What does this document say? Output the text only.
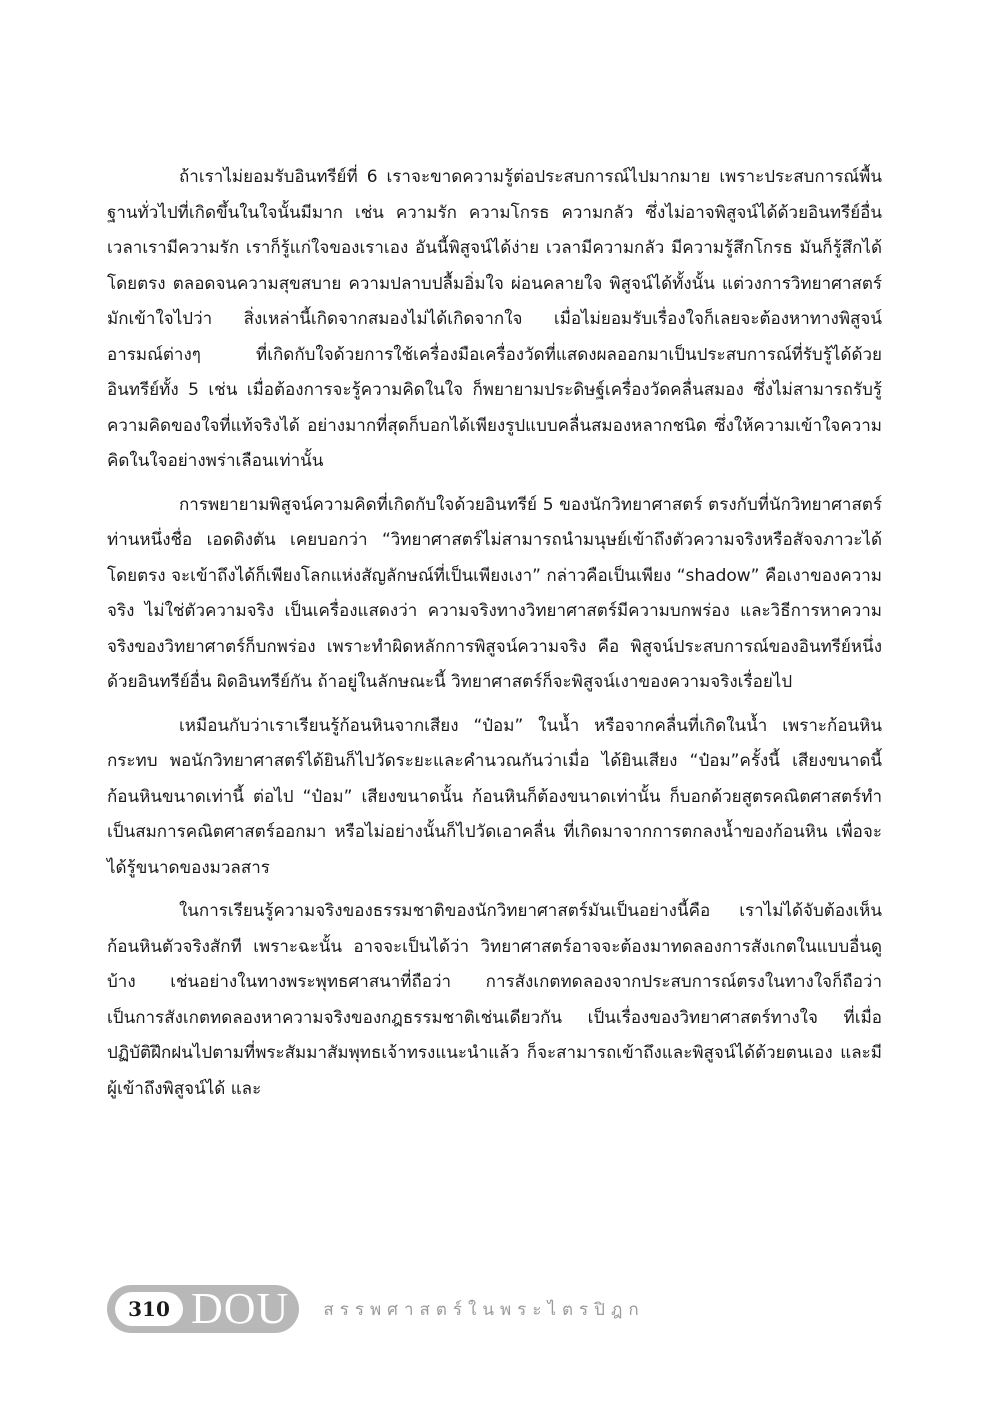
ถ้าเราไม่ยอมรับอินทรีย์ที่ 6 เราจะขาดความรู้ต่อประสบการณ์ไปมากมาย เพราะประสบการณ์พื้นฐานทั่วไปที่เกิดขึ้นในใจนั้นมีมาก เช่น ความรัก ความโกรธ ความกลัว ซึ่งไม่อาจพิสูจน์ได้ด้วยอินทรีย์อื่น เวลาเรามีความรัก เราก็รู้แก่ใจของเราเอง อันนี้พิสูจน์ได้ง่าย เวลามีความกลัว มีความรู้สึกโกรธ มันก็รู้สึกได้โดยตรง ตลอดจนความสุขสบาย ความปลาบปลื้มอิ่มใจ ผ่อนคลายใจ พิสูจน์ได้ทั้งนั้น แต่วงการวิทยาศาสตร์มักเข้าใจไปว่า สิ่งเหล่านี้เกิดจากสมองไม่ได้เกิดจากใจ เมื่อไม่ยอมรับเรื่องใจก็เลยจะต้องหาทางพิสูจน์อารมณ์ต่างๆ ที่เกิดกับใจด้วยการใช้เครื่องมือเครื่องวัดที่แสดงผลออกมาเป็นประสบการณ์ที่รับรู้ได้ด้วยอินทรีย์ทั้ง 5 เช่น เมื่อต้องการจะรู้ความคิดในใจ ก็พยายามประดิษฐ์เครื่องวัดคลื่นสมอง ซึ่งไม่สามารถรับรู้ความคิดของใจที่แท้จริงได้ อย่างมากที่สุดก็บอกได้เพียงรูปแบบคลื่นสมองหลากชนิด ซึ่งให้ความเข้าใจความคิดในใจอย่างพร่าเลือนเท่านั้น

การพยายามพิสูจน์ความคิดที่เกิดกับใจด้วยอินทรีย์ 5 ของนักวิทยาศาสตร์ ตรงกับที่นักวิทยาศาสตร์ท่านหนึ่งชื่อ เอดดิงตัน เคยบอกว่า “วิทยาศาสตร์ไม่สามารถนำมนุษย์เข้าถึงตัวความจริงหรือสัจจภาวะได้โดยตรง จะเข้าถึงได้ก็เพียงโลกแห่งสัญลักษณ์ที่เป็นเพียงเงา” กล่าวคือเป็นเพียง “shadow” คือเงาของความจริง ไม่ใช่ตัวความจริง เป็นเครื่องแสดงว่า ความจริงทางวิทยาศาสตร์มีความบกพร่อง และวิธีการหาความจริงของวิทยาศาตร์ก็บกพร่อง เพราะทำผิดหลักการพิสูจน์ความจริง คือ พิสูจน์ประสบการณ์ของอินทรีย์หนึ่งด้วยอินทรีย์อื่น ผิดอินทรีย์กัน ถ้าอยู่ในลักษณะนี้ วิทยาศาสตร์ก็จะพิสูจน์เงาของความจริงเรื่อยไป

เหมือนกับว่าเราเรียนรู้ก้อนหินจากเสียง “ป๋อม” ในน้ำ หรือจากคลื่นที่เกิดในน้ำ เพราะก้อนหินกระทบ พอนักวิทยาศาสตร์ได้ยินก็ไปวัดระยะและคำนวณกันว่าเมื่อ ได้ยินเสียง “ป๋อม”ครั้งนี้ เสียงขนาดนี้ ก้อนหินขนาดเท่านี้ ต่อไป “ป๋อม” เสียงขนาดนั้น ก้อนหินก็ต้องขนาดเท่านั้น ก็บอกด้วยสูตรคณิตศาสตร์ทำเป็นสมการคณิตศาสตร์ออกมา หรือไม่อย่างนั้นก็ไปวัดเอาคลื่น ที่เกิดมาจากการตกลงน้ำของก้อนหิน เพื่อจะได้รู้ขนาดของมวลสาร

ในการเรียนรู้ความจริงของธรรมชาติของนักวิทยาศาสตร์มันเป็นอย่างนี้คือ เราไม่ได้จับต้องเห็นก้อนหินตัวจริงสักที เพราะฉะนั้น อาจจะเป็นได้ว่า วิทยาศาสตร์อาจจะต้องมาทดลองการสังเกตในแบบอื่นดูบ้าง เช่นอย่างในทางพระพุทธศาสนาที่ถือว่า การสังเกตทดลองจากประสบการณ์ตรงในทางใจก็ถือว่า เป็นการสังเกตทดลองหาความจริงของกฎธรรมชาติเช่นเดียวกัน เป็นเรื่องของวิทยาศาสตร์ทางใจ ที่เมื่อปฏิบัติฝึกฝนไปตามที่พระสัมมาสัมพุทธเจ้าทรงแนะนำแล้ว ก็จะสามารถเข้าถึงและพิสูจน์ได้ด้วยตนเอง และมีผู้เข้าถึงพิสูจน์ได้ และ

310 DOU สรรพศาสตร์ในพระไตรปิฎก
